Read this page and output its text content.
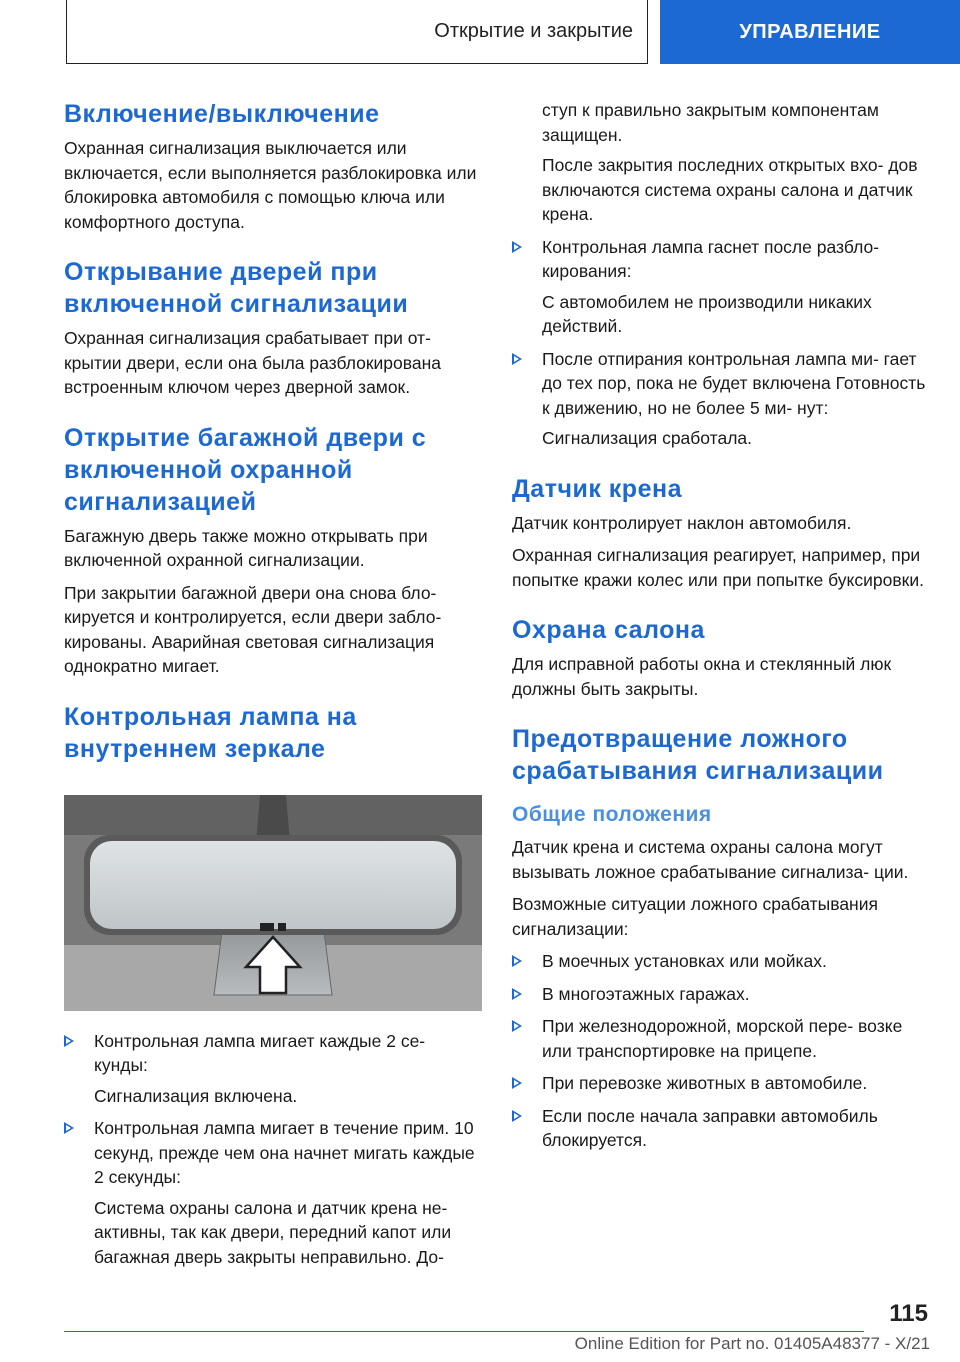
Открытие и закрытие	УПРАВЛЕНИЕ
Включение/выключение

Охранная сигнализация выключается или включается, если выполняется разблокировка или блокировка автомобиля с помощью ключа или комфортного доступа.

Открывание дверей при включенной сигнализации

Охранная сигнализация срабатывает при от- крытии двери, если она была разблокирована встроенным ключом через дверной замок.

Открытие багажной двери с включенной охранной сигнализацией

Багажную дверь также можно открывать при включенной охранной сигнализации.

При закрытии багажной двери она снова бло- кируется и контролируется, если двери забло- кированы. Аварийная световая сигнализация однократно мигает.

Контрольная лампа на внутреннем зеркале

Контрольная лампа мигает каждые 2 се- кунды:

Сигнализация включена.

Контрольная лампа мигает в течение прим. 10 секунд, прежде чем она начнет мигать каждые 2 секунды:

Система охраны салона и датчик крена не- активны, так как двери, передний капот или багажная дверь закрыты неправильно. До-

ступ к правильно закрытым компонентам защищен.

После закрытия последних открытых вхо- дов включаются система охраны салона и датчик крена.

Контрольная лампа гаснет после разбло- кирования:

С автомобилем не производили никаких действий.

После отпирания контрольная лампа ми- гает до тех пор, пока не будет включена Готовность к движению, но не более 5 ми- нут:

Сигнализация сработала.

Датчик крена

Датчик контролирует наклон автомобиля.

Охранная сигнализация реагирует, например, при попытке кражи колес или при попытке буксировки.

Охрана салона

Для исправной работы окна и стеклянный люк должны быть закрыты.

Предотвращение ложного срабатывания сигнализации
Общие положения

Датчик крена и система охраны салона могут вызывать ложное срабатывание сигнализа- ции.

Возможные ситуации ложного срабатывания сигнализации:

В моечных установках или мойках.

В многоэтажных гаражах.

При железнодорожной, морской пере- возке или транспортировке на прицепе.

При перевозке животных в автомобиле.

Если после начала заправки автомобиль блокируется.

115
Online Edition for Part no. 01405A48377 - X/21
